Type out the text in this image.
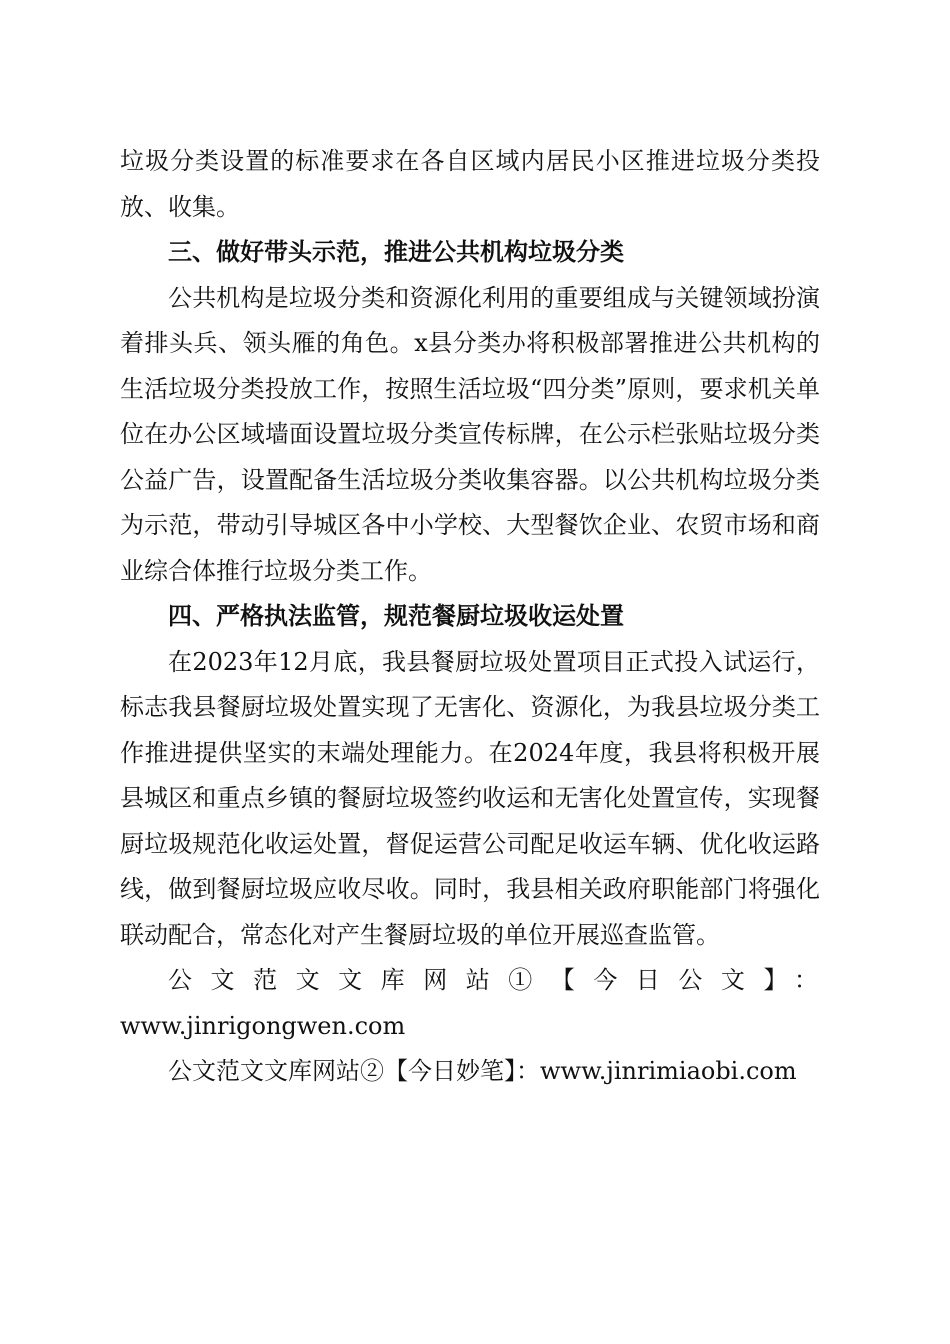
垃圾分类设置的标准要求在各自区域内居民小区推进垃圾分类投放、收集。

三、做好带头示范，推进公共机构垃圾分类

公共机构是垃圾分类和资源化利用的重要组成与关键领域扮演着排头兵、领头雁的角色。x县分类办将积极部署推进公共机构的生活垃圾分类投放工作，按照生活垃圾“四分类”原则，要求机关单位在办公区域墙面设置垃圾分类宣传标牌，在公示栏张贴垃圾分类公益广告，设置配备生活垃圾分类收集容器。以公共机构垃圾分类为示范，带动引导城区各中小学校、大型餐饮企业、农贸市场和商业综合体推行垃圾分类工作。

四、严格执法监管，规范餐厨垃圾收运处置

在2023年12月底，我县餐厨垃圾处置项目正式投入试运行，标志我县餐厨垃圾处置实现了无害化、资源化，为我县垃圾分类工作推进提供坚实的末端处理能力。在2024年度，我县将积极开展县城区和重点乡镇的餐厨垃圾签约收运和无害化处置宣传，实现餐厨垃圾规范化收运处置，督促运营公司配足收运车辆、优化收运路线，做到餐厨垃圾应收尽收。同时，我县相关政府职能部门将强化联动配合，常态化对产生餐厨垃圾的单位开展巡查监管。

公文范文文库网站①【今日公文】：

www.jinrigongwen.com

公文范文文库网站②【今日妙笔】：www.jinrimiaobi.com
